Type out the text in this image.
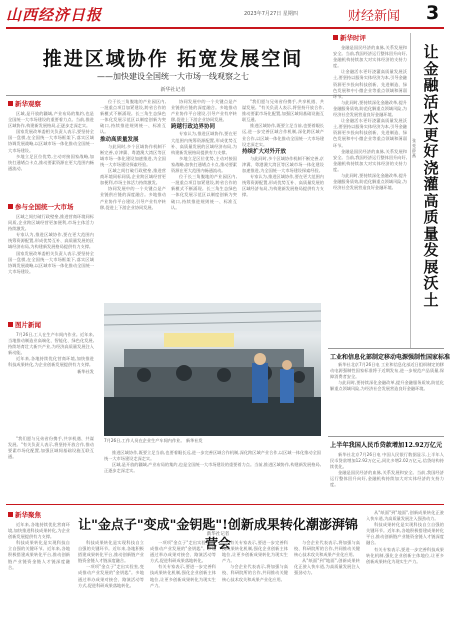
山西经济日报	2023年7月27日 星期四	财经新闻 3
推进区域协作 拓宽发展空间
——加快建设全国统一大市场一线观察之七
新华社记者
新华观察

区域,是开放的疆域,产业布局的集约,也是全国统一大市场建设的重要着力点。当前,推进区域协作,构建新发展格局,正逐步走深走实。

国家发展改革委相关负责人表示,要坚持全国一盘棋,在全国统一大市场框架下,落实区域协调发展战略,以区域市场一体化推动全国统一大市场建设。

多地立足区位优势,主动对接国家战略,加快打通堵点卡点,推动要素资源在更大范围内畅通流动。

参与全国统一大市场

区域之间打破行政壁垒,推进营商环境同标同质,企业跨区域经营更加便利,市场主体活力持续激发。

专家认为,推进区域协作,要在更大范围内统筹资源配置,形成优势互补、高质量发展的区域经济布局,为构建新发展格局提供有力支撑。

国家发展改革委相关负责人表示,要坚持全国一盘棋,在全国统一大市场框架下,落实区域协调发展战略,以区域市场一体化推动全国统一大市场建设。

位于长三角腹地的产业园区内,一批重点项目加紧建设,跨省合作的新模式不断涌现。长三角生态绿色一体化发展示范区以制度创新为突破口,持续推进规则统一、标准互认。

推动高质量发展

与此同时,多个区域协作机制不断完善,京津冀、粤港澳大湾区等区域市场一体化建设加速推进,为全国统一大市场建设探索经验。

区域之间打破行政壁垒,推进营商环境同标同质,企业跨区域经营更加便利,市场主体活力持续激发。

协同发展中的一个关键点是产业链供应链的深度融合。多地推动产业协作平台建设,引导产业有序转移,促进上下游企业协同发展。

协同发展中的一个关键点是产业链供应链的深度融合。多地推动产业协作平台建设,引导产业有序转移,促进上下游企业协同发展。

跨越行政边界协同

专家认为,推进区域协作,要在更大范围内统筹资源配置,形成优势互补、高质量发展的区域经济布局,为构建新发展格局提供有力支撑。

多地立足区位优势,主动对接国家战略,加快打通堵点卡点,推动要素资源在更大范围内畅通流动。

位于长三角腹地的产业园区内,一批重点项目加紧建设,跨省合作的新模式不断涌现。长三角生态绿色一体化发展示范区以制度创新为突破口,持续推进规则统一、标准互认。

"我们愿与兄弟省份携手,共享机遇、共谋发展。"有关负责人表示,将坚持开放合作,推动要素市场化配置,加强区域间基础设施互联互通。

推进区域协作,既要立足当前,也要着眼长远,进一步完善区域合作机制,深化跨区域产业合作,以区域一体化推动全国统一大市场建设走深走实。

持续扩大对外开放

与此同时,多个区域协作机制不断完善,京津冀、粤港澳大湾区等区域市场一体化建设加速推进,为全国统一大市场建设探索经验。

专家认为,推进区域协作,要在更大范围内统筹资源配置,形成优势互补、高质量发展的区域经济布局,为构建新发展格局提供有力支撑。

图片新闻

7月26日,工人在生产车间内作业。近年来,当地推动制造业高端化、智能化、绿色化发展,持续培育壮大新兴产业,为经济高质量发展注入新动能。

近年来,各地持续优化营商环境,加快推进科技成果转化,为企业创新发展提供有力支撑。

新华社发
7月26日,工作人员在企业生产车间内作业。 新华社发

推进区域协作,既要立足当前,也要着眼长远,进一步完善区域合作机制,深化跨区域产业合作,以区域一体化推动全国统一大市场建设走深走实。

区域,是开放的疆域,产业布局的集约,也是全国统一大市场建设的重要着力点。当前,推进区域协作,构建新发展格局,正逐步走深走实。

"我们愿与兄弟省份携手,共享机遇、共谋发展。"有关负责人表示,将坚持开放合作,推动要素市场化配置,加强区域间基础设施互联互通。

让金融活水更好浇灌高质量发展沃土
张亮 薛燕
新华时评

金融是国民经济的血脉,关系发展和安全。当前,我国经济运行整体回升向好,金融机构持续加大对实体经济的支持力度。

让金融活水更好浇灌高质量发展沃土,要坚持以服务实体经济为本,引导金融资源更多投向科技创新、先进制造、绿色发展和中小微企业等重点领域和薄弱环节。

与此同时,要持续深化金融改革,提升金融服务质效,防范化解重点领域风险,为经济社会发展营造良好金融环境。

让金融活水更好浇灌高质量发展沃土,要坚持以服务实体经济为本,引导金融资源更多投向科技创新、先进制造、绿色发展和中小微企业等重点领域和薄弱环节。

金融是国民经济的血脉,关系发展和安全。当前,我国经济运行整体回升向好,金融机构持续加大对实体经济的支持力度。

与此同时,要持续深化金融改革,提升金融服务质效,防范化解重点领域风险,为经济社会发展营造良好金融环境。

工业和信息化部制定移动电源强制性国家标准

新华社北京7月26日电 工业和信息化部近日组织制定的移动电源强制性国家标准将于近期发布,进一步规范产品质量,保障消费者安全。

与此同时,要持续深化金融改革,提升金融服务质效,防范化解重点领域风险,为经济社会发展营造良好金融环境。

上半年我国人民币贷款增加12.92万亿元

新华社北京7月26日电 中国人民银行数据显示,上半年人民币贷款增加12.92万亿元,同比多增2.02万亿元,信贷结构持续优化。

金融是国民经济的血脉,关系发展和安全。当前,我国经济运行整体回升向好,金融机构持续加大对实体经济的支持力度。

新华聚焦

近年来,各地持续优化营商环境,加快推进科技成果转化,为企业创新发展提供有力支撑。

科技成果转化是实现科技自立自强的关键环节。近年来,各地积极搭建成果转化平台,推动创新链产业链资金链人才链深度融合。

让"金点子"变成"金钥匙"!创新成果转化潮澎湃锦营会
新华社记者

科技成果转化是实现科技自立自强的关键环节。近年来,各地积极搭建成果转化平台,推动创新链产业链资金链人才链深度融合。

一项项"金点子"走出实验室,变成推动产业发展的"金钥匙"。多地通过举办成果对接会、路演活动等方式,促进科研成果落地转化。

一项项"金点子"走出实验室,变成推动产业发展的"金钥匙"。多地通过举办成果对接会、路演活动等方式,促进科研成果落地转化。

有关专家表示,要进一步完善科技成果转化机制,强化企业创新主体地位,让更多创新成果转化为现实生产力。

有关专家表示,要进一步完善科技成果转化机制,强化企业创新主体地位,让更多创新成果转化为现实生产力。

与会企业代表表示,将加强与高校、科研院所的合作,共同推动关键核心技术攻关和成果产业化应用。

与会企业代表表示,将加强与高校、科研院所的合作,共同推动关键核心技术攻关和成果产业化应用。

从"纸面"到"地面",创新成果转化正驶入快车道,为高质量发展注入强劲动力。

从"纸面"到"地面",创新成果转化正驶入快车道,为高质量发展注入强劲动力。

科技成果转化是实现科技自立自强的关键环节。近年来,各地积极搭建成果转化平台,推动创新链产业链资金链人才链深度融合。

有关专家表示,要进一步完善科技成果转化机制,强化企业创新主体地位,让更多创新成果转化为现实生产力。
